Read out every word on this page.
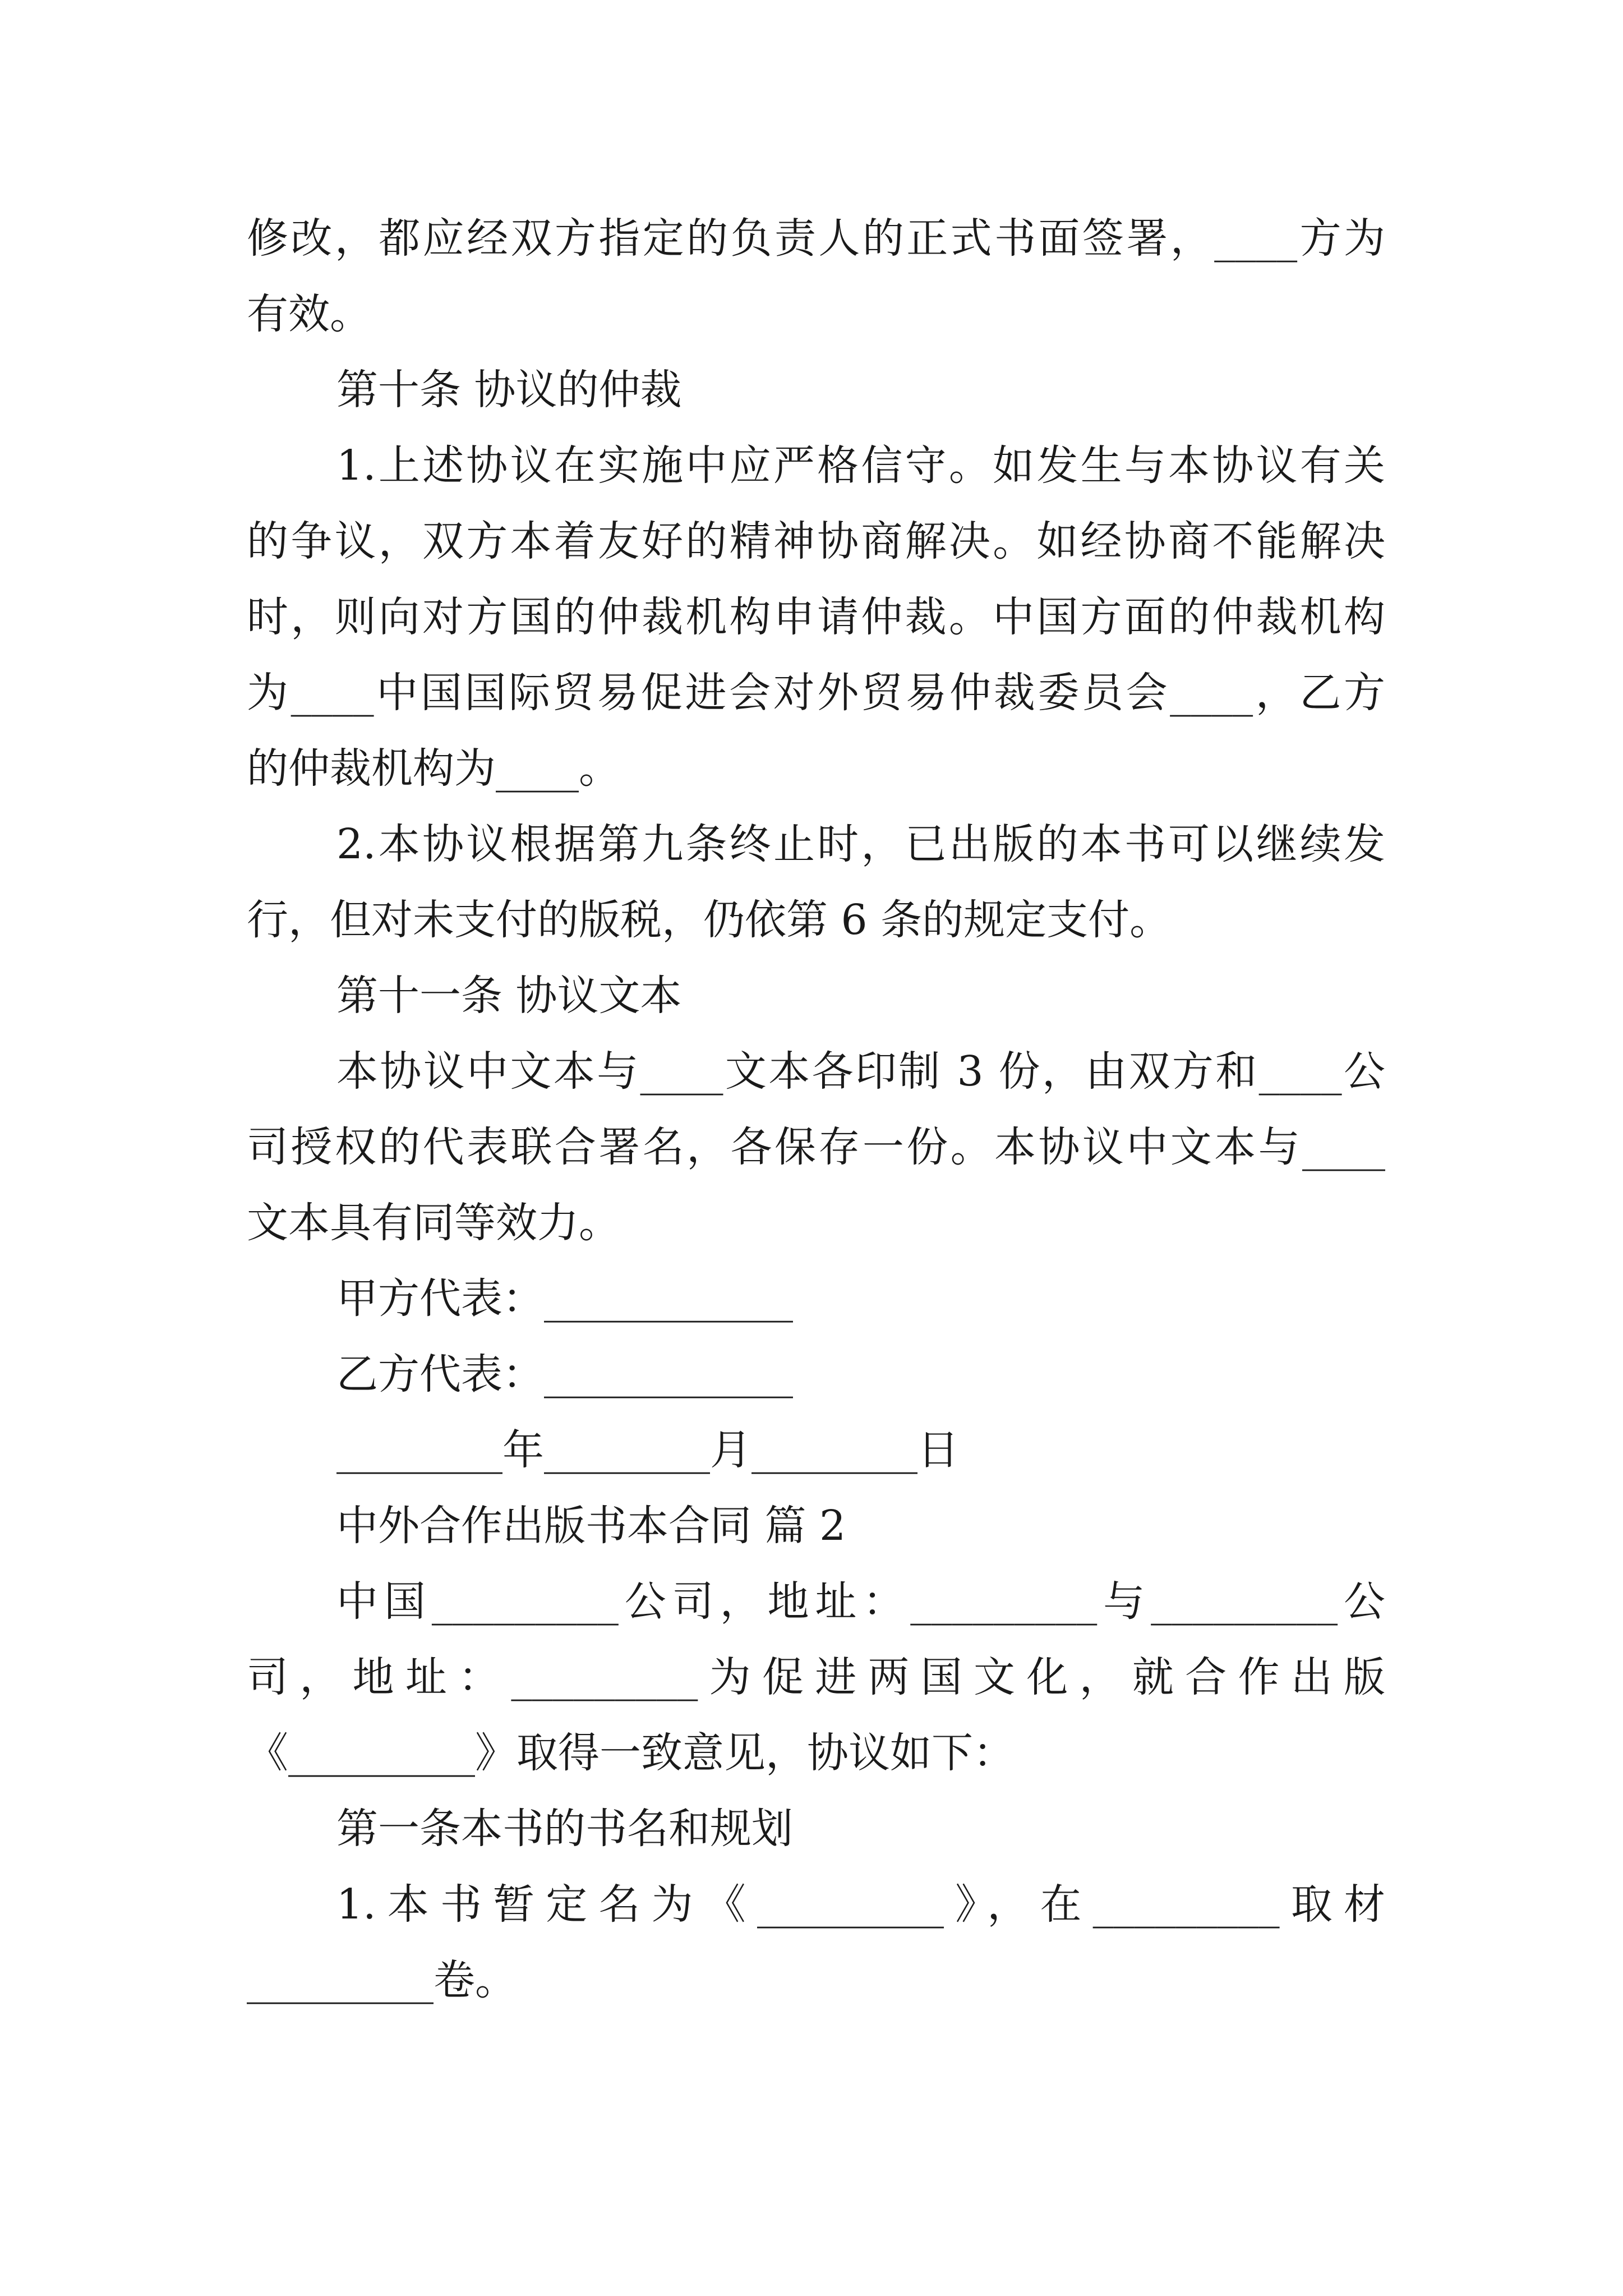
修改，都应经双方指定的负责人的正式书面签署，____方为
有效。
第十条 协议的仲裁
1.上述协议在实施中应严格信守。如发生与本协议有关
的争议，双方本着友好的精神协商解决。如经协商不能解决
时，则向对方国的仲裁机构申请仲裁。中国方面的仲裁机构
为____中国国际贸易促进会对外贸易仲裁委员会____，乙方
的仲裁机构为____。
2.本协议根据第九条终止时，已出版的本书可以继续发
行，但对未支付的版税，仍依第 6 条的规定支付。
第十一条 协议文本
本协议中文本与____文本各印制 3 份，由双方和____公
司授权的代表联合署名，各保存一份。本协议中文本与____
文本具有同等效力。
甲方代表：____________
乙方代表：____________
________年________月________日
中外合作出版书本合同 篇 2
中国_________公司，地址：_________与_________公
司，地址：_________为促进两国文化，就合作出版
《_________》取得一致意见，协议如下：
第一条本书的书名和规划
1.本书暂定名为《_________》，在_________取材
_________卷。
